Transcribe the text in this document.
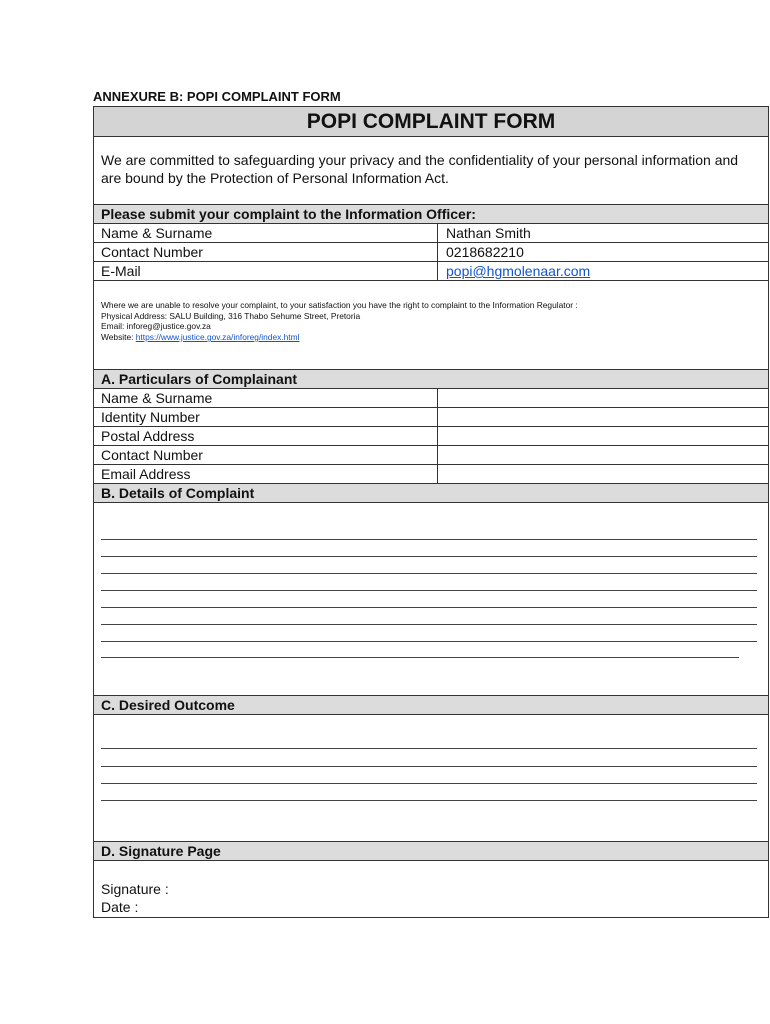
ANNEXURE B: POPI COMPLAINT FORM
POPI COMPLAINT FORM
We are committed to safeguarding your privacy and the confidentiality of your personal information and are bound by the Protection of Personal Information Act.
Please submit your complaint to the Information Officer:
Name & Surname	Nathan Smith
Contact Number	0218682210
E-Mail	popi@hgmolenaar.com
Where we are unable to resolve your complaint, to your satisfaction you have the right to complaint to the Information Regulator :
Physical Address: SALU Building, 316 Thabo Sehume Street, Pretoria
Email: inforeg@justice.gov.za
Website: https://www.justice.gov.za/inforeg/index.html
A. Particulars of Complainant
Name & Surname
Identity Number
Postal Address
Contact Number
Email Address
B. Details of Complaint
C. Desired Outcome
D. Signature Page
Signature :
Date :
